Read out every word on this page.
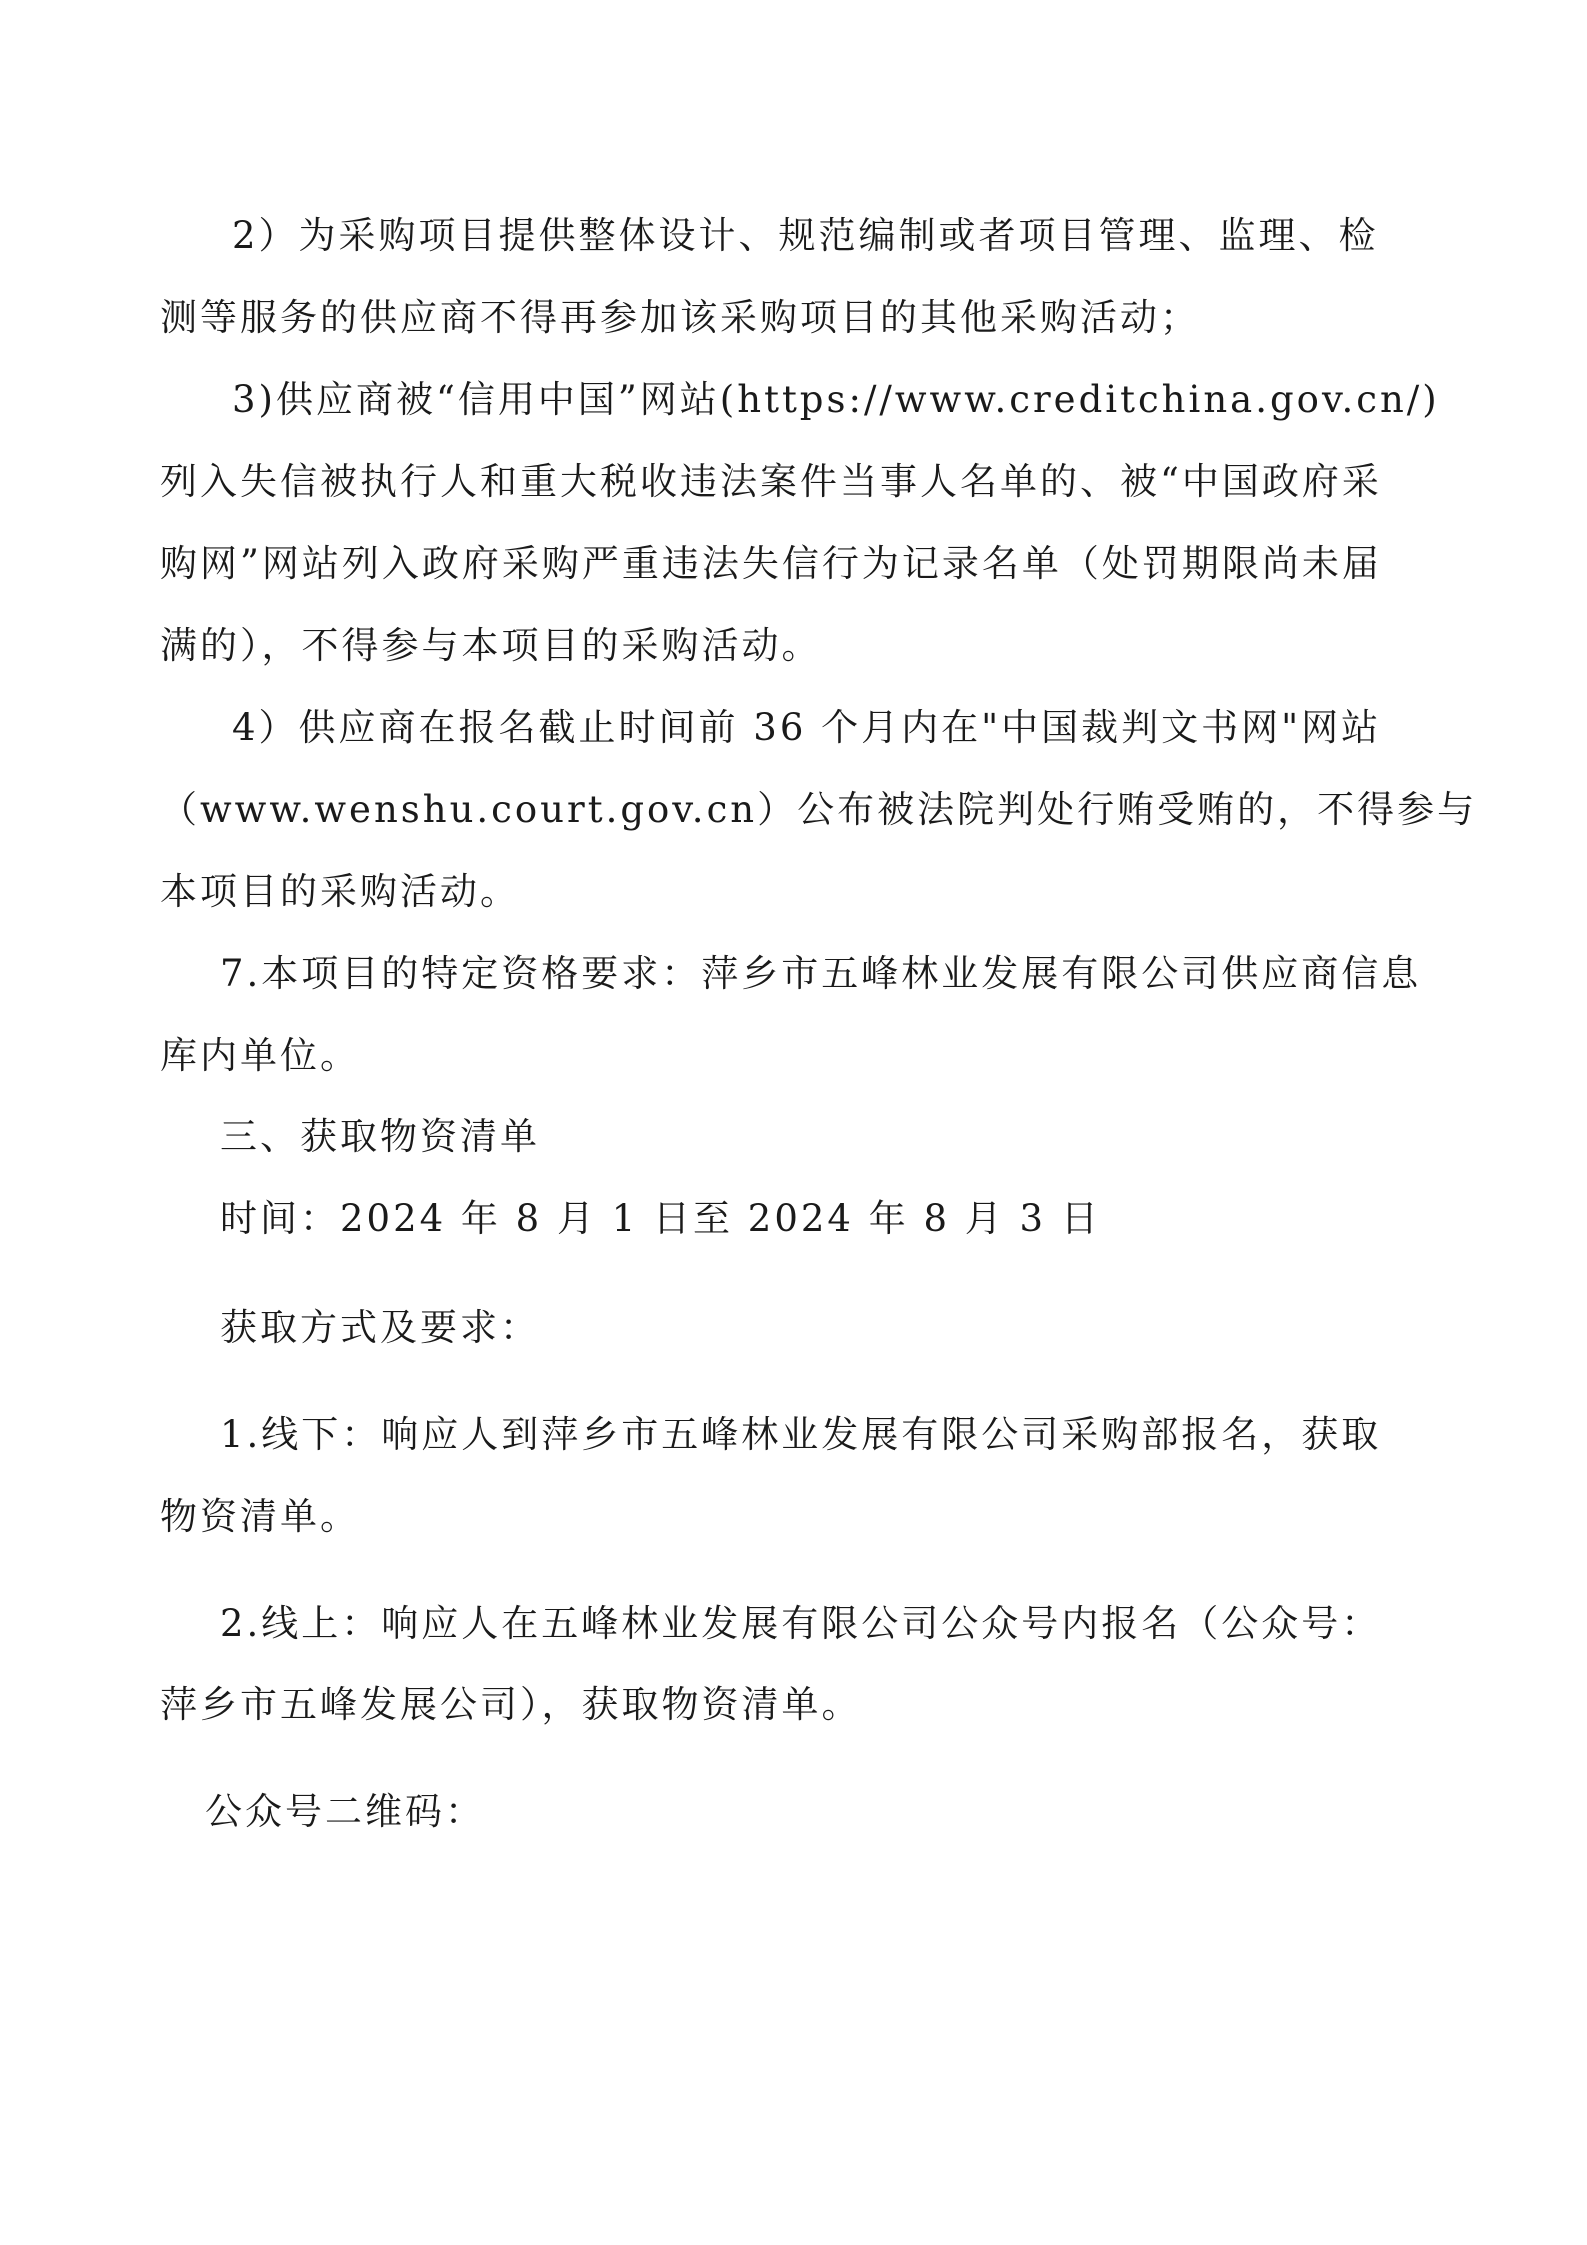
2）为采购项目提供整体设计、规范编制或者项目管理、监理、检
测等服务的供应商不得再参加该采购项目的其他采购活动；
3)供应商被“信用中国”网站(https://www.creditchina.gov.cn/)
列入失信被执行人和重大税收违法案件当事人名单的、被“中国政府采
购网”网站列入政府采购严重违法失信行为记录名单（处罚期限尚未届
满的），不得参与本项目的采购活动。
4）供应商在报名截止时间前 36 个月内在"中国裁判文书网"网站
（www.wenshu.court.gov.cn）公布被法院判处行贿受贿的，不得参与
本项目的采购活动。
7.本项目的特定资格要求：萍乡市五峰林业发展有限公司供应商信息
库内单位。
三、获取物资清单
时间：2024 年 8 月 1 日至 2024 年 8 月 3 日
获取方式及要求：
1.线下：响应人到萍乡市五峰林业发展有限公司采购部报名，获取
物资清单。
2.线上：响应人在五峰林业发展有限公司公众号内报名（公众号：
萍乡市五峰发展公司），获取物资清单。
公众号二维码：
